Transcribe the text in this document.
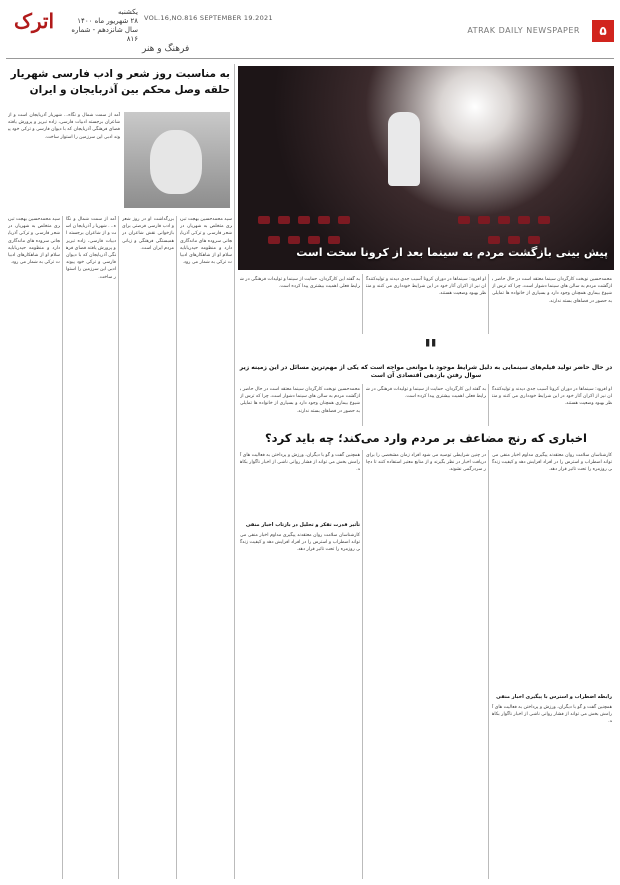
اترک	یکشنبه
۲۸ شهریور ماه ۱۴۰۰
سال شانزدهم - شماره ۸۱۶
VOL.16,NO.816 SEPTEMBER 19.2021
ATRAK DAILY NEWSPAPER	۵
فرهنگ و هنر
به مناسبت روز شعر و ادب فارسی شهریار حلقه وصل محکم بین آذربایجان و ایران
آمد از سمت شمال و نگاه... شهریار آذربایجان است و از شاعران برجسته ادبیات فارسی، زاده تبریز و پرورش یافته فضای فرهنگی آذربایجان که با دیوان فارسی و ترکی خود پیوند ادبی این سرزمین را استوار ساخت.
سید محمدحسین بهجت تبریزی متخلص به شهریار، در شعر فارسی و ترکی آذربایجانی سروده های ماندگاری دارد و منظومه حیدربابایه سلام او از شاهکارهای ادبیات ترکی به شمار می رود.
بزرگداشت او در روز شعر و ادب فارسی فرصتی برای بازخوانی نقش شاعران در همبستگی فرهنگی و زبانی مردم ایران است.
آمد از سمت شمال و نگاه... شهریار آذربایجان است و از شاعران برجسته ادبیات فارسی، زاده تبریز و پرورش یافته فضای فرهنگی آذربایجان که با دیوان فارسی و ترکی خود پیوند ادبی این سرزمین را استوار ساخت.
سید محمدحسین بهجت تبریزی متخلص به شهریار، در شعر فارسی و ترکی آذربایجانی سروده های ماندگاری دارد و منظومه حیدربابایه سلام او از شاهکارهای ادبیات ترکی به شمار می رود.
پیش بینی بازگشت مردم به سینما بعد از کرونا سخت است
محمدحسین نوبخت کارگردان سینما معتقد است در حال حاضر بازگشت مردم به سالن های سینما دشوار است، چرا که ترس از شیوع بیماری همچنان وجود دارد و بسیاری از خانواده ها تمایلی به حضور در فضاهای بسته ندارند.
او افزود: سینماها در دوران کرونا آسیب جدی دیدند و تولیدکنندگان نیز از اکران آثار خود در این شرایط خودداری می کنند و منتظر بهبود وضعیت هستند.
به گفته این کارگردان، حمایت از سینما و تولیدات فرهنگی در شرایط فعلی اهمیت بیشتری پیدا کرده است.
"
در حال حاضر تولید فیلم‌های سینمایی به دلیل شرایط موجود با موانعی مواجه است که یکی از مهم‌ترین مسائل در این زمینه زیر سوال رفتن بازدهی اقتصادی آن است
او افزود: سینماها در دوران کرونا آسیب جدی دیدند و تولیدکنندگان نیز از اکران آثار خود در این شرایط خودداری می کنند و منتظر بهبود وضعیت هستند.
به گفته این کارگردان، حمایت از سینما و تولیدات فرهنگی در شرایط فعلی اهمیت بیشتری پیدا کرده است.
محمدحسین نوبخت کارگردان سینما معتقد است در حال حاضر بازگشت مردم به سالن های سینما دشوار است، چرا که ترس از شیوع بیماری همچنان وجود دارد و بسیاری از خانواده ها تمایلی به حضور در فضاهای بسته ندارند.
اخباری که رنج مضاعف بر مردم وارد می‌کند؛ چه باید کرد؟
کارشناسان سلامت روان معتقدند پیگیری مداوم اخبار منفی می تواند اضطراب و استرس را در افراد افزایش دهد و کیفیت زندگی روزمره را تحت تاثیر قرار دهد.
رابطه اضطراب و استرس با پیگیری اخبار منفی
همچنین گفت و گو با دیگران، ورزش و پرداختن به فعالیت های آرامش بخش می تواند از فشار روانی ناشی از اخبار ناگوار بکاهد.
در چنین شرایطی توصیه می شود افراد زمان مشخصی را برای دریافت اخبار در نظر بگیرند و از منابع معتبر استفاده کنند تا دچار سردرگمی نشوند.
همچنین گفت و گو با دیگران، ورزش و پرداختن به فعالیت های آرامش بخش می تواند از فشار روانی ناشی از اخبار ناگوار بکاهد.
تأثیر قدرت تفکر و تحلیل در بازتاب اخبار منفی
کارشناسان سلامت روان معتقدند پیگیری مداوم اخبار منفی می تواند اضطراب و استرس را در افراد افزایش دهد و کیفیت زندگی روزمره را تحت تاثیر قرار دهد.
